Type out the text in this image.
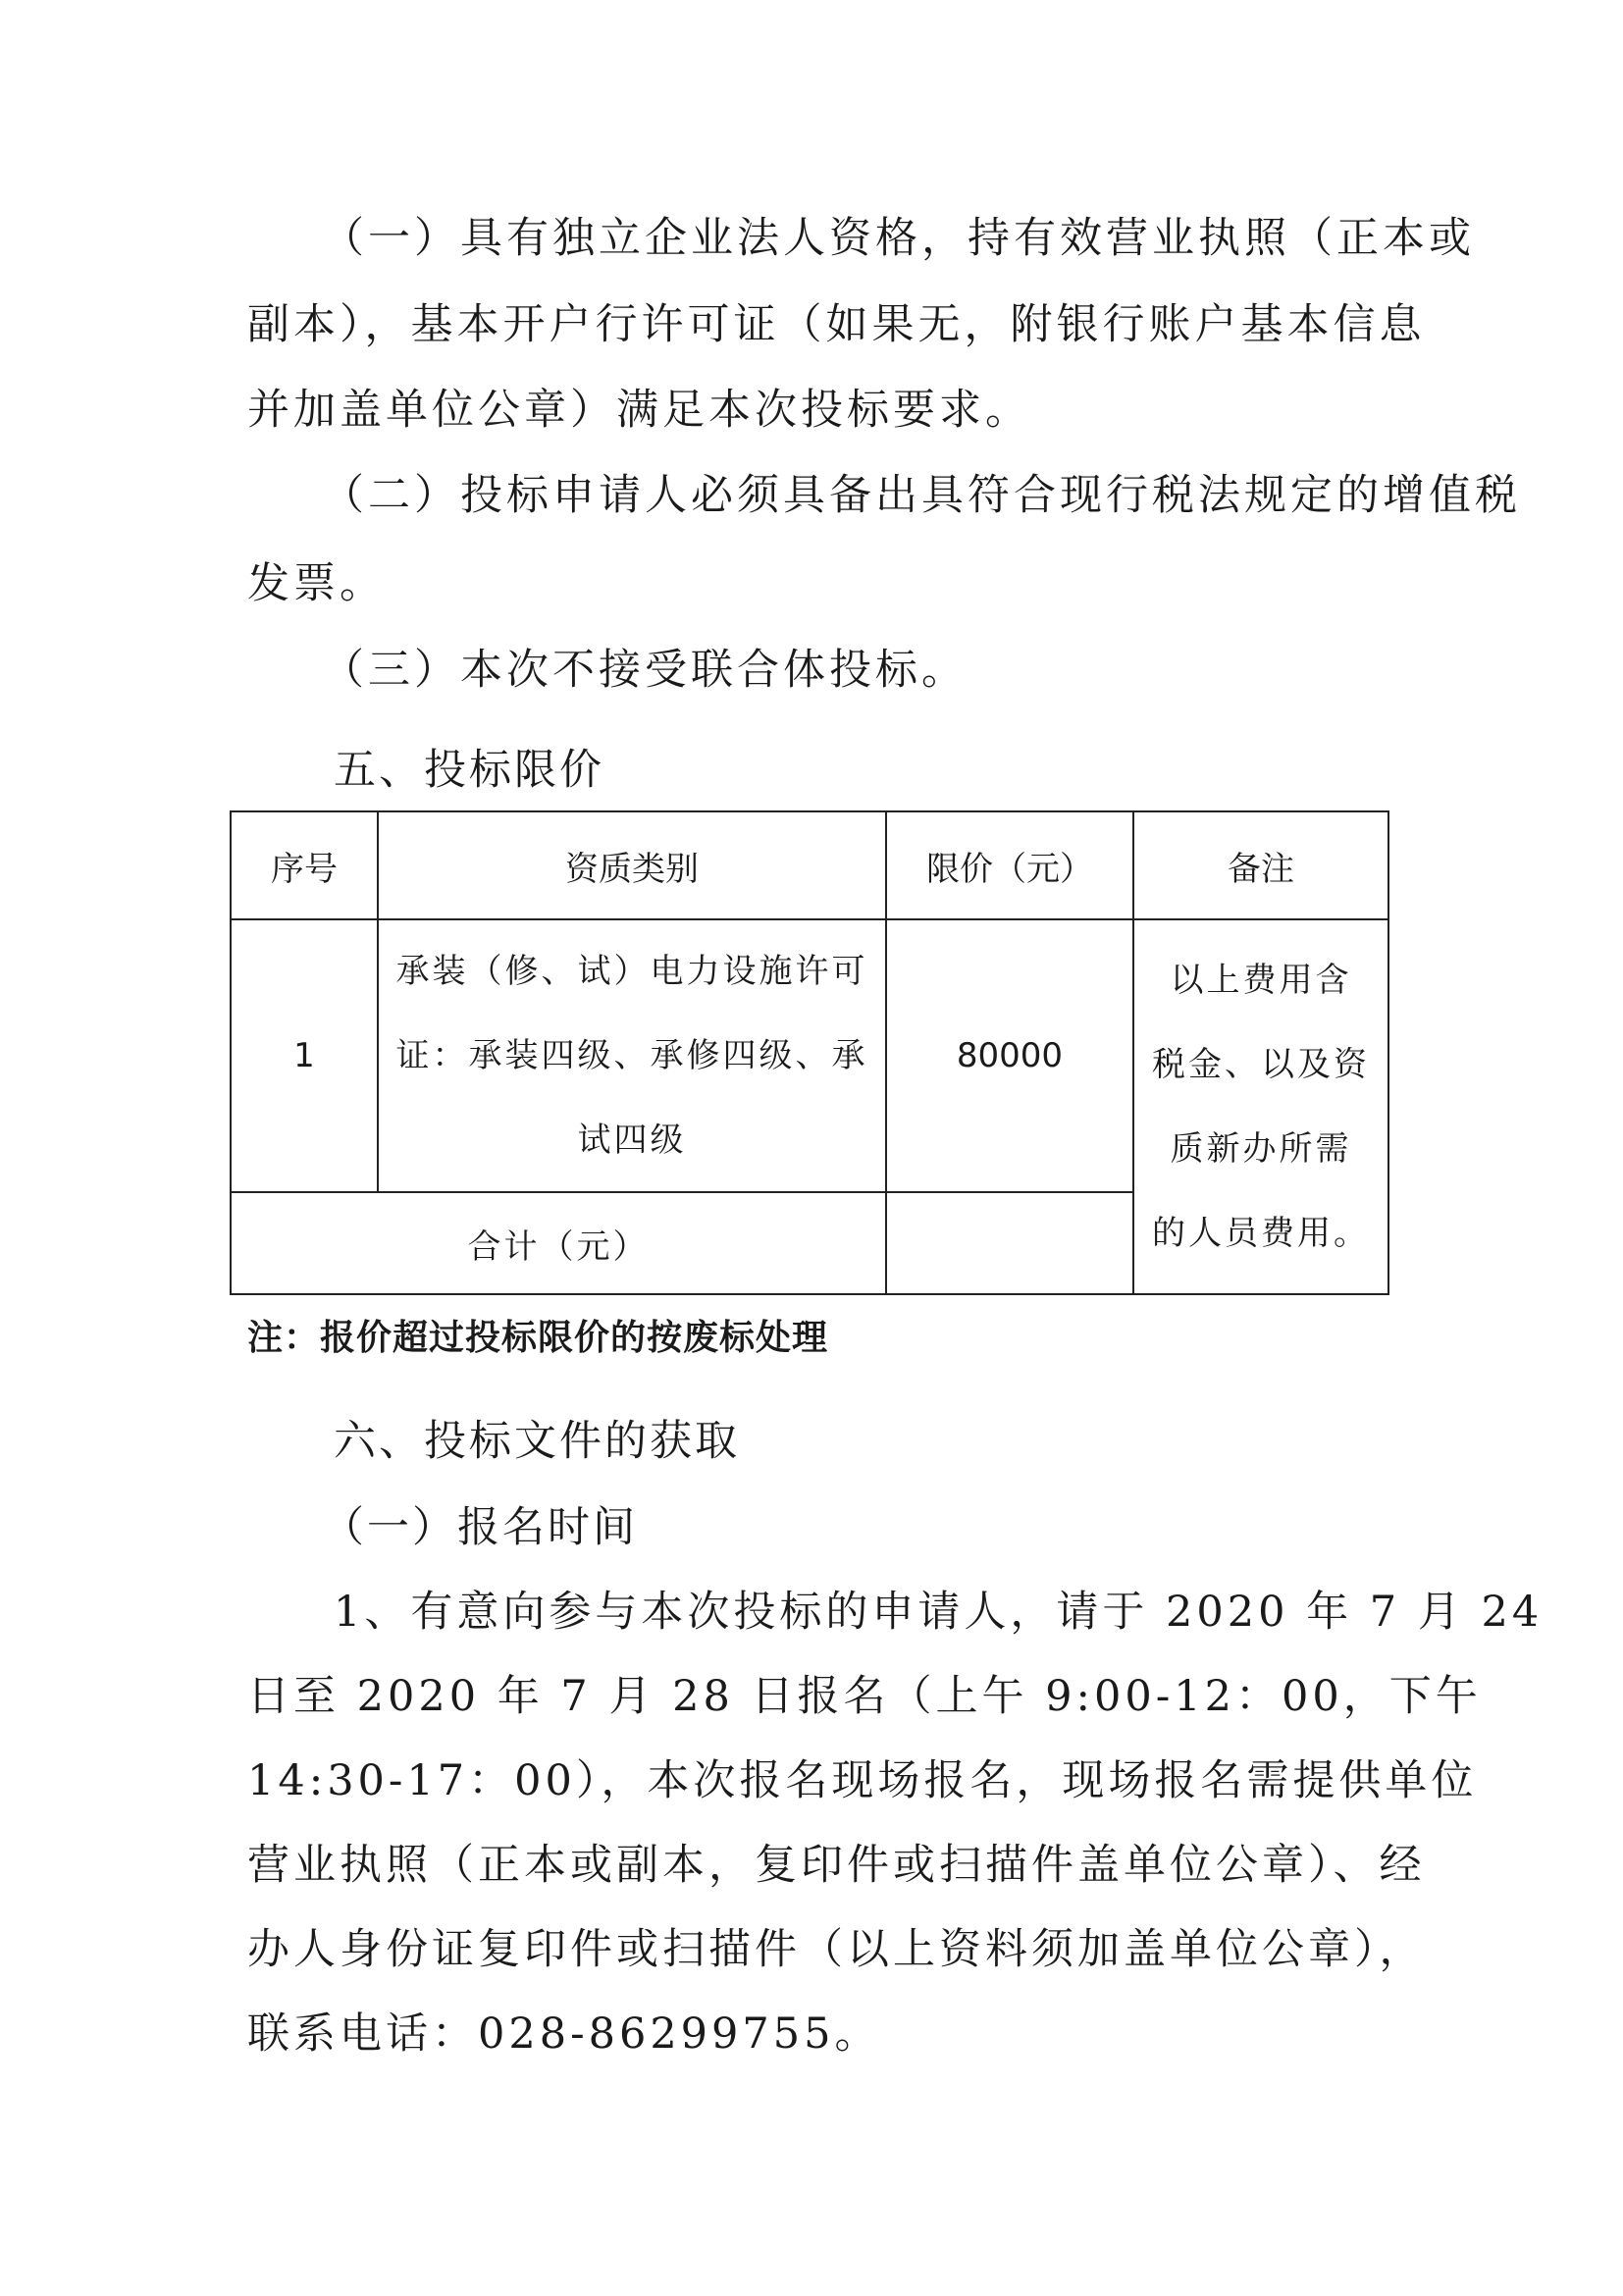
（一）具有独立企业法人资格，持有效营业执照（正本或
副本），基本开户行许可证（如果无，附银行账户基本信息
并加盖单位公章）满足本次投标要求。
（二）投标申请人必须具备出具符合现行税法规定的增值税
发票。
（三）本次不接受联合体投标。
五、投标限价
序号	资质类别	限价（元）	备注
1	承装（修、试）电力设施许可
证：承装四级、承修四级、承
试四级	80000	以上费用含
税金、以及资
质新办所需
的人员费用。

合计（元）			
注：报价超过投标限价的按废标处理
六、投标文件的获取
（一）报名时间
1、有意向参与本次投标的申请人，请于 2020 年 7 月 24
日至 2020 年 7 月 28 日报名（上午 9:00-12：00，下午
14:30-17：00），本次报名现场报名，现场报名需提供单位
营业执照（正本或副本，复印件或扫描件盖单位公章）、经
办人身份证复印件或扫描件（以上资料须加盖单位公章），
联系电话：028-86299755。
